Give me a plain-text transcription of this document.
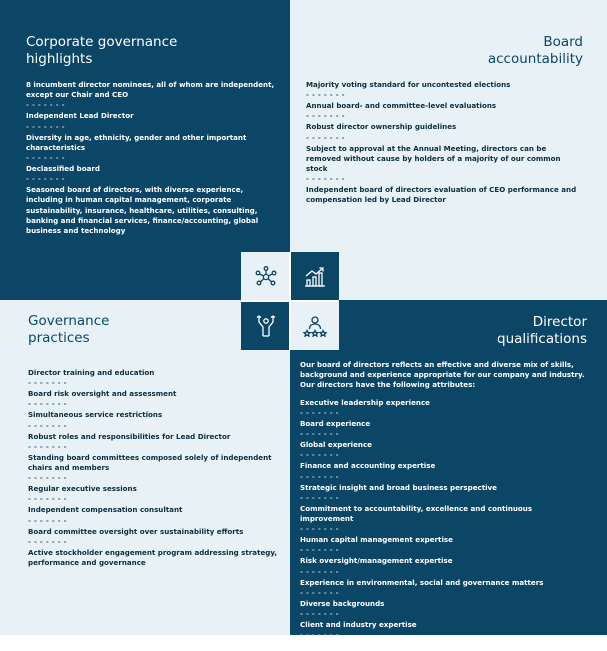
Corporate governance
highlights
8 incumbent director nominees, all of whom are independent, except our Chair and CEO
- - - - - - -
Independent Lead Director
- - - - - - -
Diversity in age, ethnicity, gender and other important characteristics
- - - - - - -
Declassified board
- - - - - - -
Seasoned board of directors, with diverse experience, including in human capital management, corporate sustainability, insurance, healthcare, utilities, consulting, banking and financial services, finance/accounting, global business and technology
Board
accountability
Majority voting standard for uncontested elections
- - - - - - -
Annual board- and committee-level evaluations
- - - - - - -
Robust director ownership guidelines
- - - - - - -
Subject to approval at the Annual Meeting, directors can be removed without cause by holders of a majority of our common stock
- - - - - - -
Independent board of directors evaluation of CEO performance and compensation led by Lead Director
Governance
practices
Director training and education
- - - - - - -
Board risk oversight and assessment
- - - - - - -
Simultaneous service restrictions
- - - - - - -
Robust roles and responsibilities for Lead Director
- - - - - - -
Standing board committees composed solely of independent chairs and members
- - - - - - -
Regular executive sessions
- - - - - - -
Independent compensation consultant
- - - - - - -
Board committee oversight over sustainability efforts
- - - - - - -
Active stockholder engagement program addressing strategy, performance and governance
Director
qualifications

Our board of directors reflects an effective and diverse mix of skills, background and experience appropriate for our company and industry. Our directors have the following attributes:

Executive leadership experience
- - - - - - -
Board experience
- - - - - - -
Global experience
- - - - - - -
Finance and accounting expertise
- - - - - - -
Strategic insight and broad business perspective
- - - - - - -
Commitment to accountability, excellence and continuous improvement
- - - - - - -
Human capital management expertise
- - - - - - -
Risk oversight/management expertise
- - - - - - -
Experience in environmental, social and governance matters
- - - - - - -
Diverse backgrounds
- - - - - - -
Client and industry expertise
- - - - - - -
Commitment to driving our growth and success
